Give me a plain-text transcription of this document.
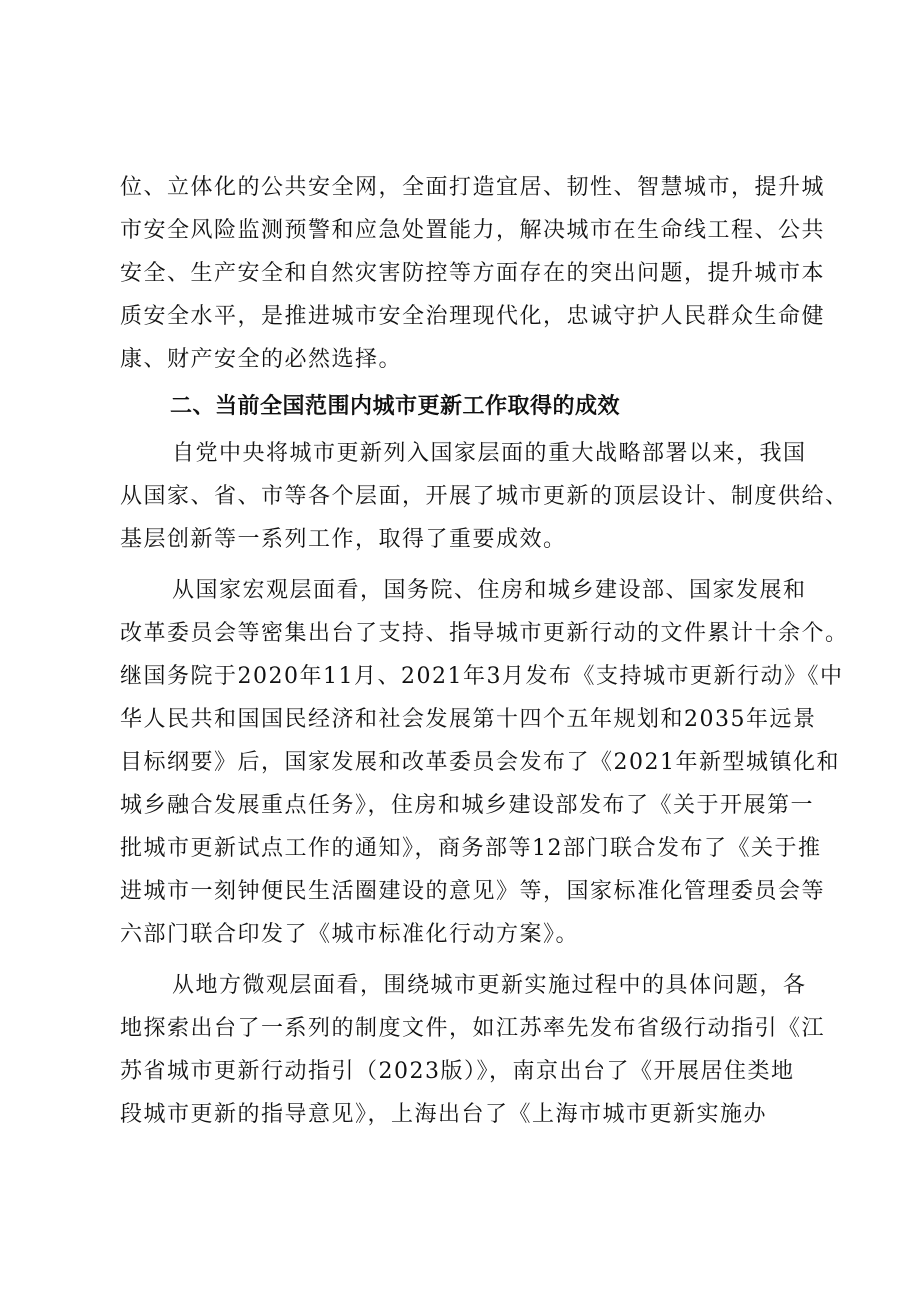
位、立体化的公共安全网，全面打造宜居、韧性、智慧城市，提升城
市安全风险监测预警和应急处置能力，解决城市在生命线工程、公共
安全、生产安全和自然灾害防控等方面存在的突出问题，提升城市本
质安全水平，是推进城市安全治理现代化，忠诚守护人民群众生命健
康、财产安全的必然选择。
二、当前全国范围内城市更新工作取得的成效
自党中央将城市更新列入国家层面的重大战略部署以来，我国
从国家、省、市等各个层面，开展了城市更新的顶层设计、制度供给、
基层创新等一系列工作，取得了重要成效。
从国家宏观层面看，国务院、住房和城乡建设部、国家发展和
改革委员会等密集出台了支持、指导城市更新行动的文件累计十余个。
继国务院于2020年11月、2021年3月发布《支持城市更新行动》《中
华人民共和国国民经济和社会发展第十四个五年规划和2035年远景
目标纲要》后，国家发展和改革委员会发布了《2021年新型城镇化和
城乡融合发展重点任务》，住房和城乡建设部发布了《关于开展第一
批城市更新试点工作的通知》，商务部等12部门联合发布了《关于推
进城市一刻钟便民生活圈建设的意见》等，国家标准化管理委员会等
六部门联合印发了《城市标准化行动方案》。
从地方微观层面看，围绕城市更新实施过程中的具体问题，各
地探索出台了一系列的制度文件，如江苏率先发布省级行动指引《江
苏省城市更新行动指引（2023版）》，南京出台了《开展居住类地
段城市更新的指导意见》，上海出台了《上海市城市更新实施办
